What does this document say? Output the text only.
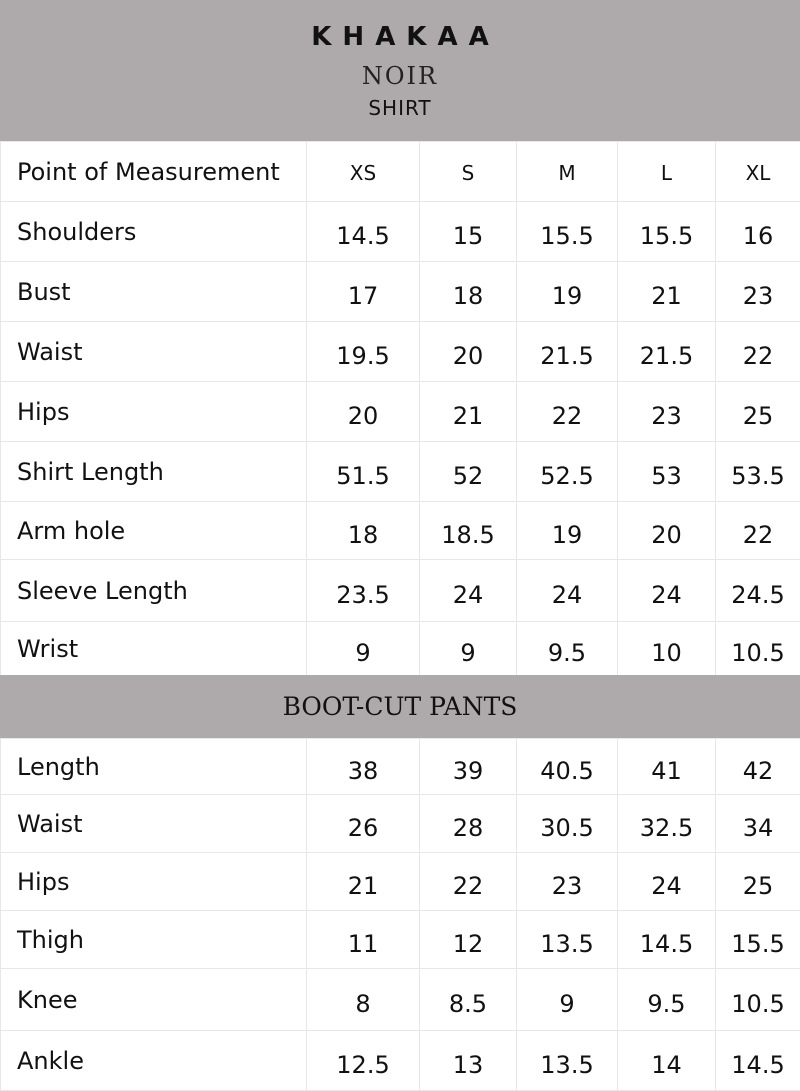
KHAKAA
NOIR
SHIRT
Point of Measurement	XS	S	M	L	XL
Shoulders	14.5	15	15.5	15.5	16
Bust	17	18	19	21	23
Waist	19.5	20	21.5	21.5	22
Hips	20	21	22	23	25
Shirt Length	51.5	52	52.5	53	53.5
Arm hole	18	18.5	19	20	22
Sleeve Length	23.5	24	24	24	24.5
Wrist	9	9	9.5	10	10.5
BOOT-CUT PANTS
Length	38	39	40.5	41	42
Waist	26	28	30.5	32.5	34
Hips	21	22	23	24	25
Thigh	11	12	13.5	14.5	15.5
Knee	8	8.5	9	9.5	10.5
Ankle	12.5	13	13.5	14	14.5
